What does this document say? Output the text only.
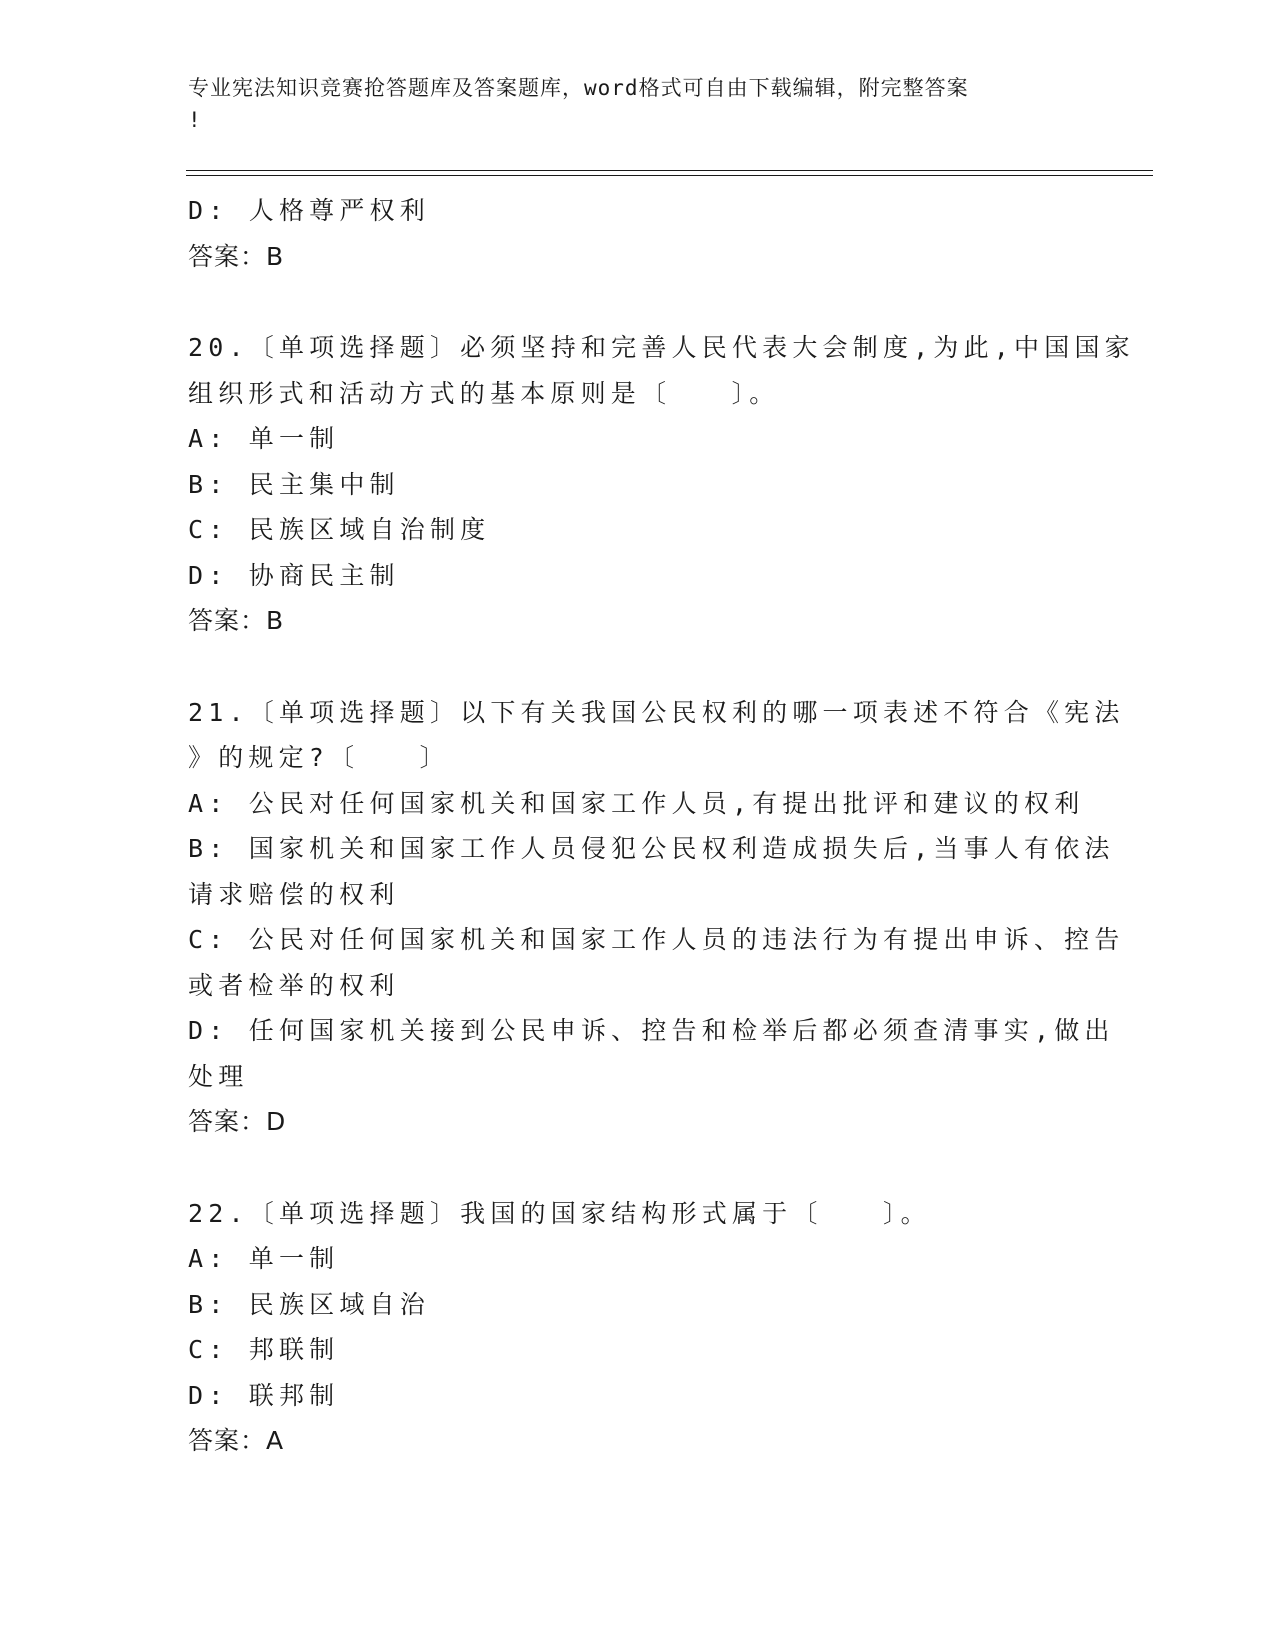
专业宪法知识竞赛抢答题库及答案题库，word格式可自由下载编辑，附完整答案
!
D: 人格尊严权利
答案：B
20.〔单项选择题〕必须坚持和完善人民代表大会制度,为此,中国国家
组织形式和活动方式的基本原则是〔　　〕。
A: 单一制
B: 民主集中制
C: 民族区域自治制度
D: 协商民主制
答案：B
21.〔单项选择题〕以下有关我国公民权利的哪一项表述不符合《宪法
》的规定?〔　　〕
A: 公民对任何国家机关和国家工作人员,有提出批评和建议的权利
B: 国家机关和国家工作人员侵犯公民权利造成损失后,当事人有依法
请求赔偿的权利
C: 公民对任何国家机关和国家工作人员的违法行为有提出申诉、控告
或者检举的权利
D: 任何国家机关接到公民申诉、控告和检举后都必须查清事实,做出
处理
答案：D
22.〔单项选择题〕我国的国家结构形式属于〔　　〕。
A: 单一制
B: 民族区域自治
C: 邦联制
D: 联邦制
答案：A
